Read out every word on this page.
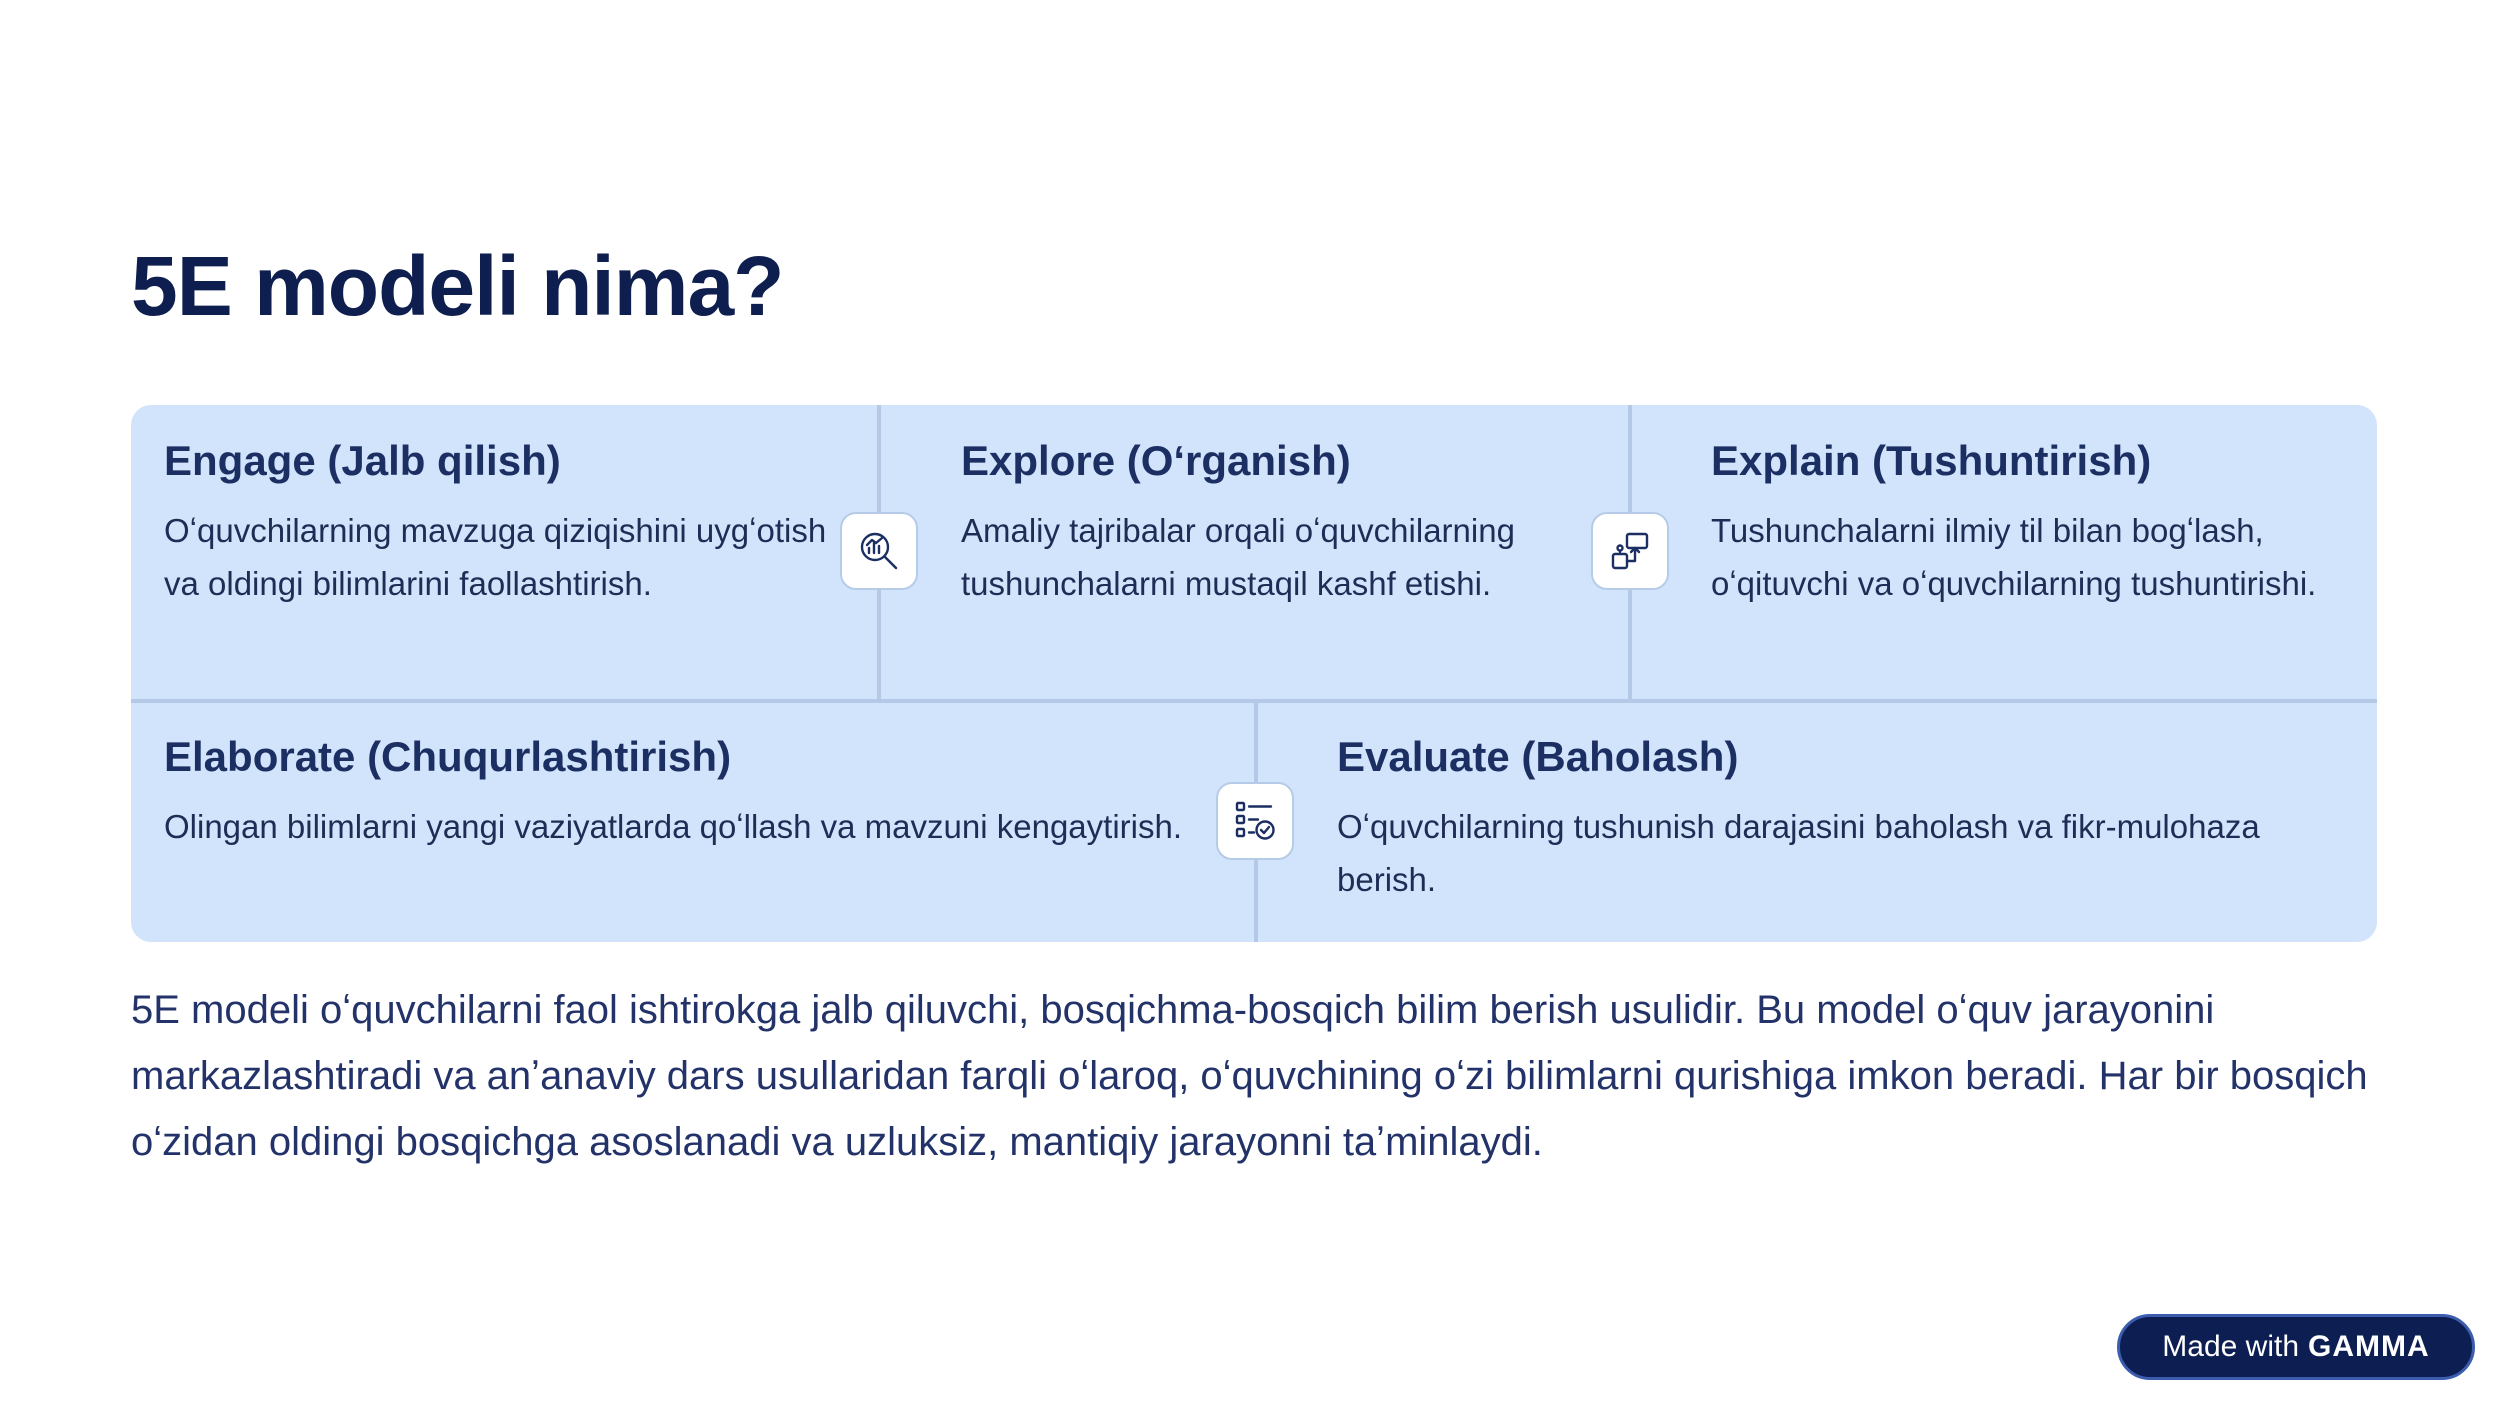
5E modeli nima?
Engage (Jalb qilish)

Oʻquvchilarning mavzuga qiziqishini uygʻotish va oldingi bilimlarini faollashtirish.

Explore (Oʻrganish)

Amaliy tajribalar orqali oʻquvchilarning tushunchalarni mustaqil kashf etishi.

Explain (Tushuntirish)

Tushunchalarni ilmiy til bilan bogʻlash, oʻqituvchi va oʻquvchilarning tushuntirishi.

Elaborate (Chuqurlashtirish)

Olingan bilimlarni yangi vaziyatlarda qoʻllash va mavzuni kengaytirish.

Evaluate (Baholash)

Oʻquvchilarning tushunish darajasini baholash va fikr-mulohaza berish.

5E modeli oʻquvchilarni faol ishtirokga jalb qiluvchi, bosqichma-bosqich bilim berish usulidir. Bu model oʻquv jarayonini markazlashtiradi va anʼanaviy dars usullaridan farqli oʻlaroq, oʻquvchining oʻzi bilimlarni qurishiga imkon beradi. Har bir bosqich oʻzidan oldingi bosqichga asoslanadi va uzluksiz, mantiqiy jarayonni taʼminlaydi.

Made with GAMMA
